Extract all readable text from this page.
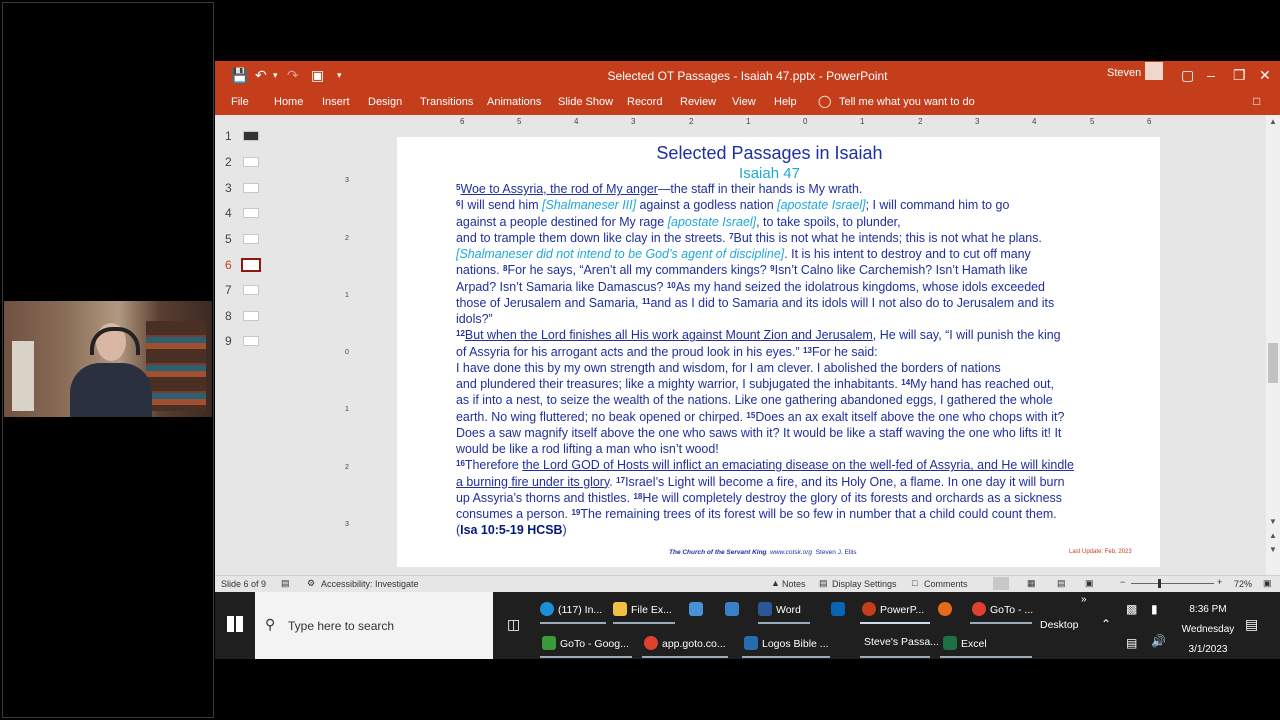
💾 ↶ ▾ ↷ ▣ ▾	Selected OT Passages - Isaiah 47.pptx - PowerPoint	Steven	▢ – ❐ ✕
File Home Insert Design Transitions Animations Slide Show Record Review View Help ◯ Tell me what you want to do	□
1
2
3
4
5
6
7
8
9
6	5	4	3	2	1	0	1	2	3	4	5	6
3
2
1
0
1
2
3
Selected Passages in Isaiah
Isaiah 47
$^5$Woe to Assyria, the rod of My anger—the staff in their hands is My wrath.
$^6$I will send him [Shalmaneser III] against a godless nation [apostate Israel]; I will command him to go
against a people destined for My rage [apostate Israel], to take spoils, to plunder,
and to trample them down like clay in the streets. $^7$But this is not what he intends; this is not what he plans.
[Shalmaneser did not intend to be God’s agent of discipline]. It is his intent to destroy and to cut off many
nations. $^8$For he says, “Aren’t all my commanders kings? $^9$Isn’t Calno like Carchemish? Isn’t Hamath like
Arpad? Isn’t Samaria like Damascus? $^{10}$As my hand seized the idolatrous kingdoms, whose idols exceeded
those of Jerusalem and Samaria, $^{11}$and as I did to Samaria and its idols will I not also do to Jerusalem and its
idols?”
$^{12}$But when the Lord finishes all His work against Mount Zion and Jerusalem, He will say, “I will punish the king
of Assyria for his arrogant acts and the proud look in his eyes.” $^{13}$For he said:
I have done this by my own strength and wisdom, for I am clever. I abolished the borders of nations
and plundered their treasures; like a mighty warrior, I subjugated the inhabitants. $^{14}$My hand has reached out,
as if into a nest, to seize the wealth of the nations. Like one gathering abandoned eggs, I gathered the whole
earth. No wing fluttered; no beak opened or chirped. $^{15}$Does an ax exalt itself above the one who chops with it?
Does a saw magnify itself above the one who saws with it? It would be like a staff waving the one who lifts it! It
would be like a rod lifting a man who isn’t wood!
$^{16}$Therefore the Lord GOD of Hosts will inflict an emaciating disease on the well-fed of Assyria, and He will kindle
a burning fire under its glory. $^{17}$Israel’s Light will become a fire, and its Holy One, a flame. In one day it will burn
up Assyria’s thorns and thistles. $^{18}$He will completely destroy the glory of its forests and orchards as a sickness
consumes a person. $^{19}$The remaining trees of its forest will be so few in number that a child could count them.
(Isa 10:5-19 HCSB)
The Church of the Servant King www.cotsk.org Steven J. Ellis	Last Update: Feb, 2023
▲
▼
▲
▼
Slide 6 of 9 ▤ ⚙ Accessibility: Investigate	▲ Notes ▤ Display Settings □ Comments	▦ ▤ ▣	−	+ 72% ▣
⚲ Type here to search	◫
(117) In...	File Ex...	Word	PowerP...	GoTo - ...
»
GoTo - Goog...	app.goto.co...	Logos Bible ...	Steve's Passa...	Excel
▩ ▮
Desktop ⌃
▤ 🔊
8:36 PM
Wednesday
3/1/2023
▤
